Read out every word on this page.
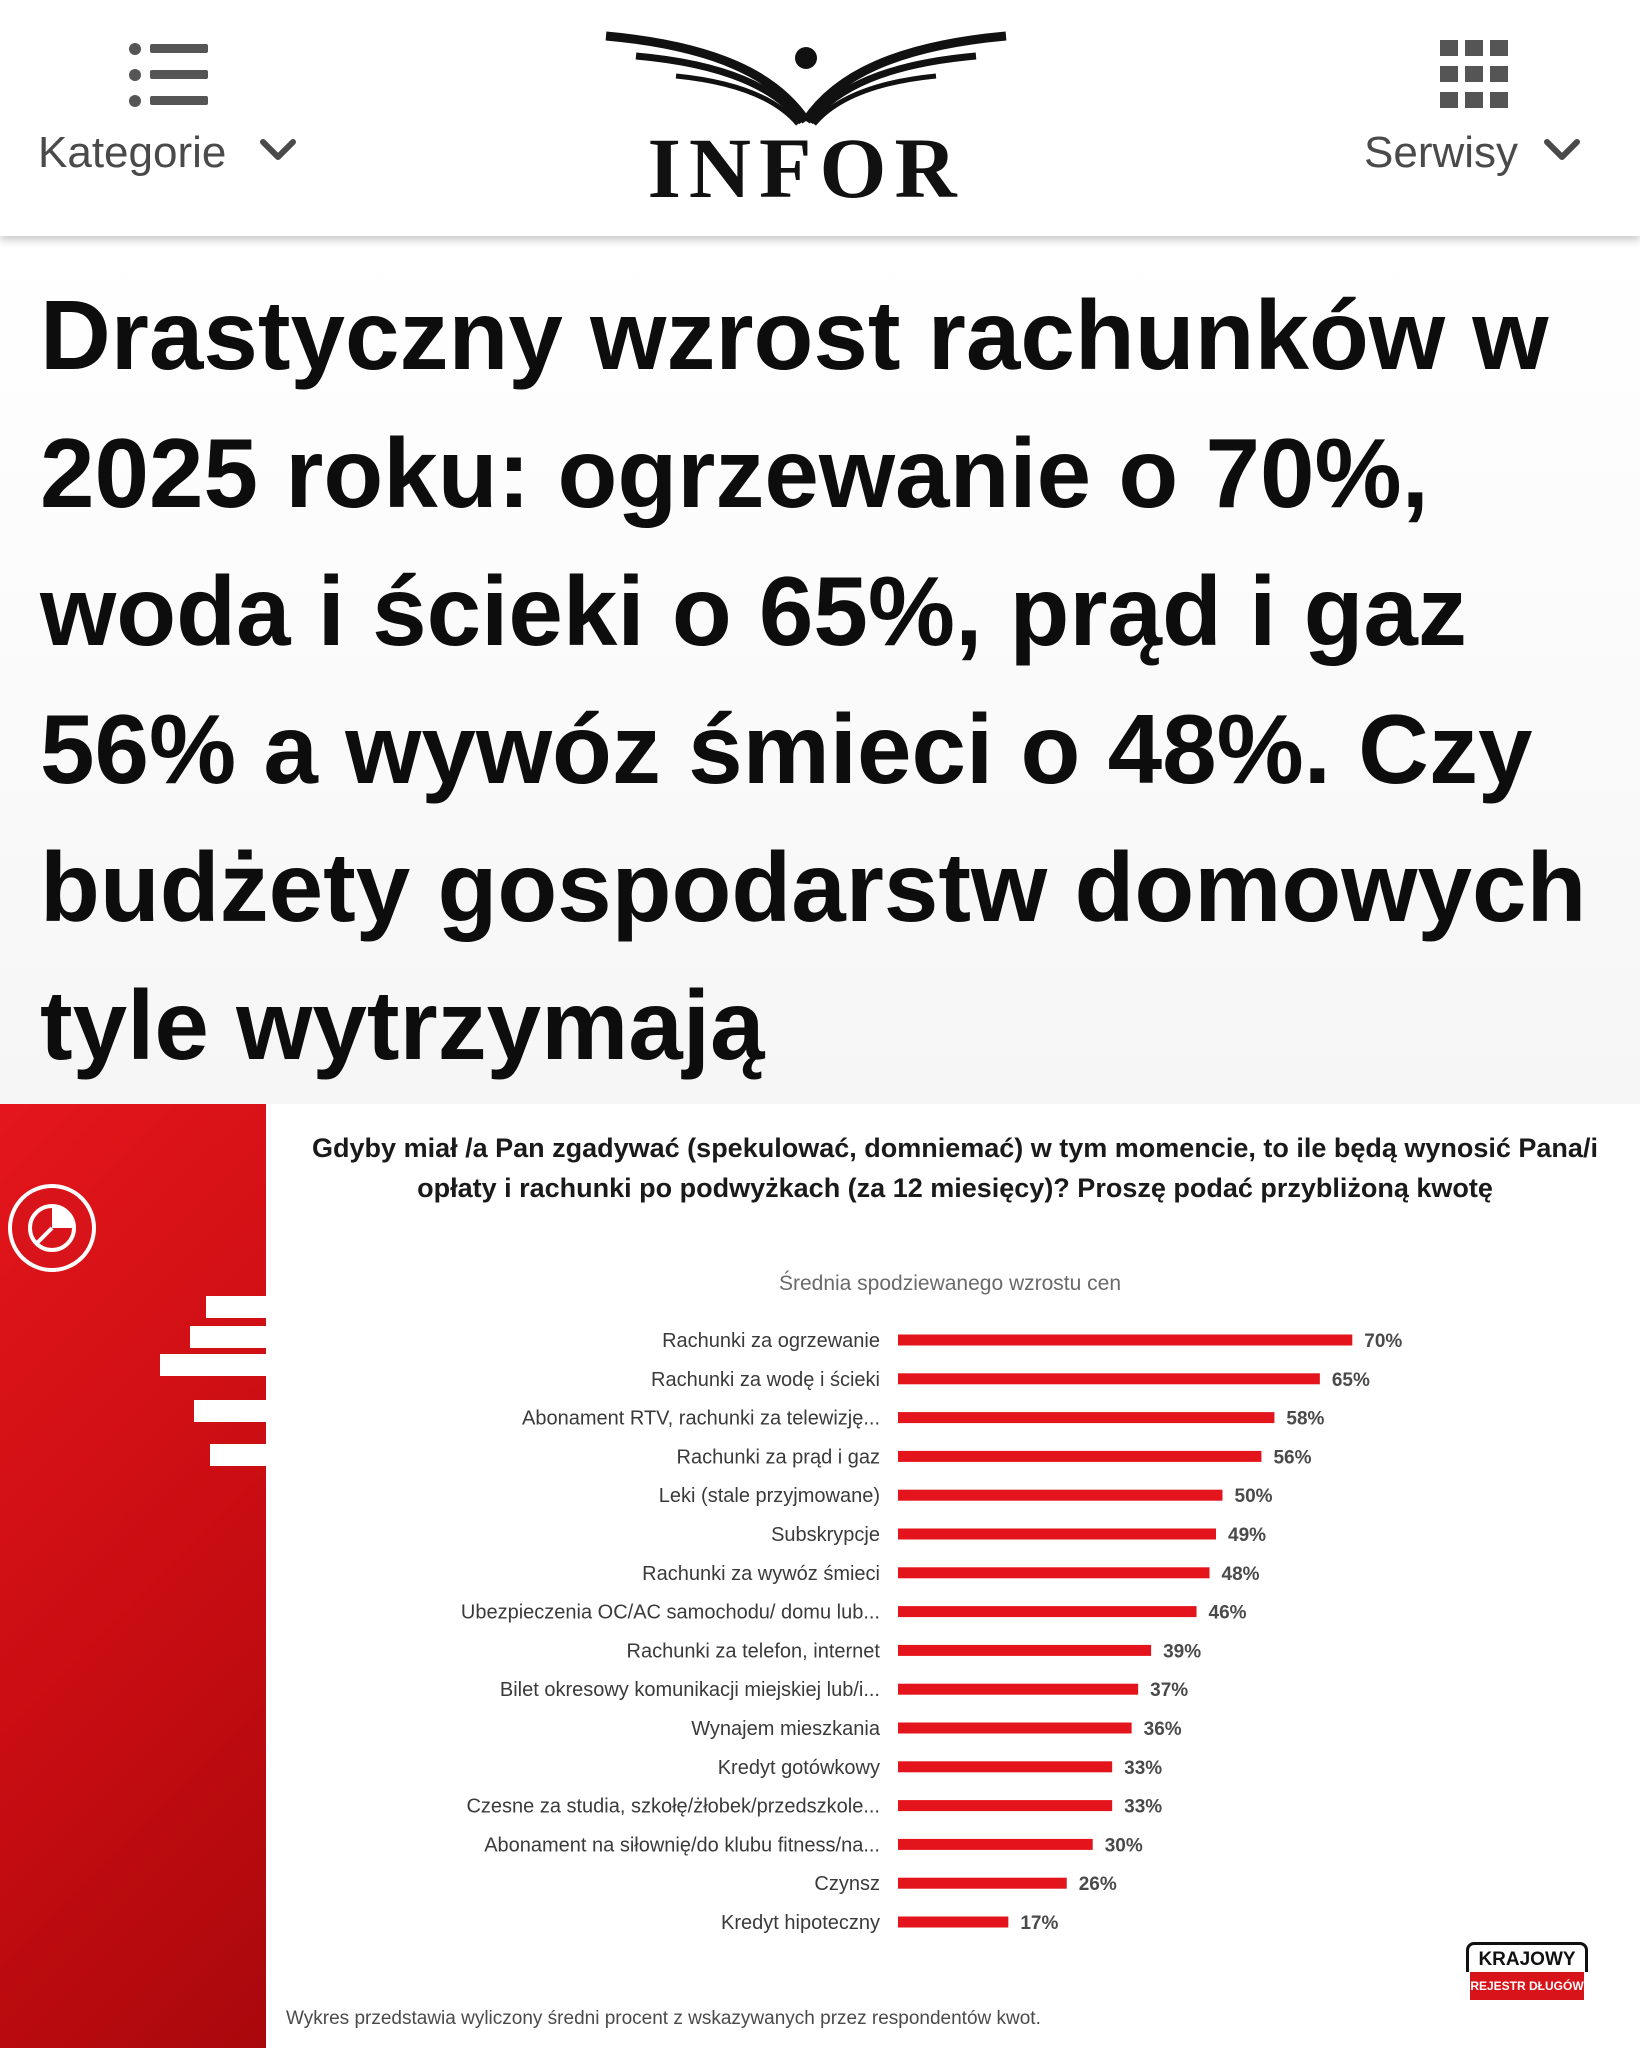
Kategorie	INFOR	Serwisy
Drastyczny wzrost rachunków w 2025 roku: ogrzewanie o 70%, woda i ścieki o 65%, prąd i gaz 56% a wywóz śmieci o 48%. Czy budżety gospodarstw domowych tyle wytrzymają
Gdyby miał /a Pan zgadywać (spekulować, domniemać) w tym momencie, to ile będą wynosić Pana/i opłaty i rachunki po podwyżkach (za 12 miesięcy)? Proszę podać przybliżoną kwotę
Średnia spodziewanego wzrostu cen
Rachunki za ogrzewanie	70%
Rachunki za wodę i ścieki	65%
Abonament RTV, rachunki za telewizję...	58%
Rachunki za prąd i gaz	56%
Leki (stale przyjmowane)	50%
Subskrypcje	49%
Rachunki za wywóz śmieci	48%
Ubezpieczenia OC/AC samochodu/ domu lub...	46%
Rachunki za telefon, internet	39%
Bilet okresowy komunikacji miejskiej lub/i...	37%
Wynajem mieszkania	36%
Kredyt gotówkowy	33%
Czesne za studia, szkołę/żłobek/przedszkole...	33%
Abonament na siłownię/do klubu fitness/na...	30%
Czynsz	26%
Kredyt hipoteczny	17%
Wykres przedstawia wyliczony średni procent z wskazywanych przez respondentów kwot.
KRAJOWY
REJESTR DŁUGÓW
